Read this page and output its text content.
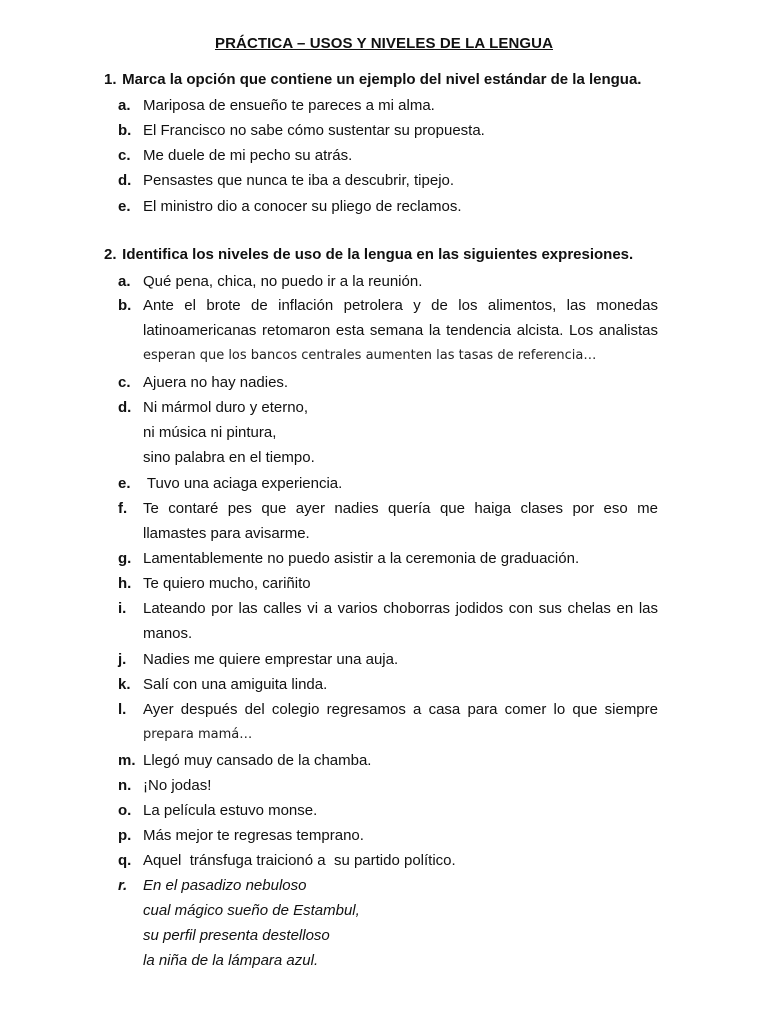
PRÁCTICA – USOS Y NIVELES DE LA LENGUA
1. Marca la opción que contiene un ejemplo del nivel estándar de la lengua.
a. Mariposa de ensueño te pareces a mi alma.
b. El Francisco no sabe cómo sustentar su propuesta.
c. Me duele de mi pecho su atrás.
d. Pensastes que nunca te iba a descubrir, tipejo.
e. El ministro dio a conocer su pliego de reclamos.
2. Identifica los niveles de uso de la lengua en las siguientes expresiones.
a. Qué pena, chica, no puedo ir a la reunión.
b. Ante el brote de inflación petrolera y de los alimentos, las monedas
latinoamericanas retomaron esta semana la tendencia alcista. Los analistas
esperan que los bancos centrales aumenten las tasas de referencia…
c. Ajuera no hay nadies.
d. Ni mármol duro y eterno,
ni música ni pintura,
sino palabra en el tiempo.
e. Tuvo una aciaga experiencia.
f. Te contaré pes que ayer nadies quería que haiga clases por eso me
llamastes para avisarme.
g. Lamentablemente no puedo asistir a la ceremonia de graduación.
h. Te quiero mucho, cariñito
i. Lateando por las calles vi a varios choborras jodidos con sus chelas en las
manos.
j. Nadies me quiere emprestar una auja.
k. Salí con una amiguita linda.
l. Ayer después del colegio regresamos a casa para comer lo que siempre
prepara mamá…
m. Llegó muy cansado de la chamba.
n. ¡No jodas!
o. La película estuvo monse.
p. Más mejor te regresas temprano.
q. Aquel  tránsfuga traicionó a  su partido político.
r. En el pasadizo nebuloso
cual mágico sueño de Estambul,
su perfil presenta destelloso
la niña de la lámpara azul.
